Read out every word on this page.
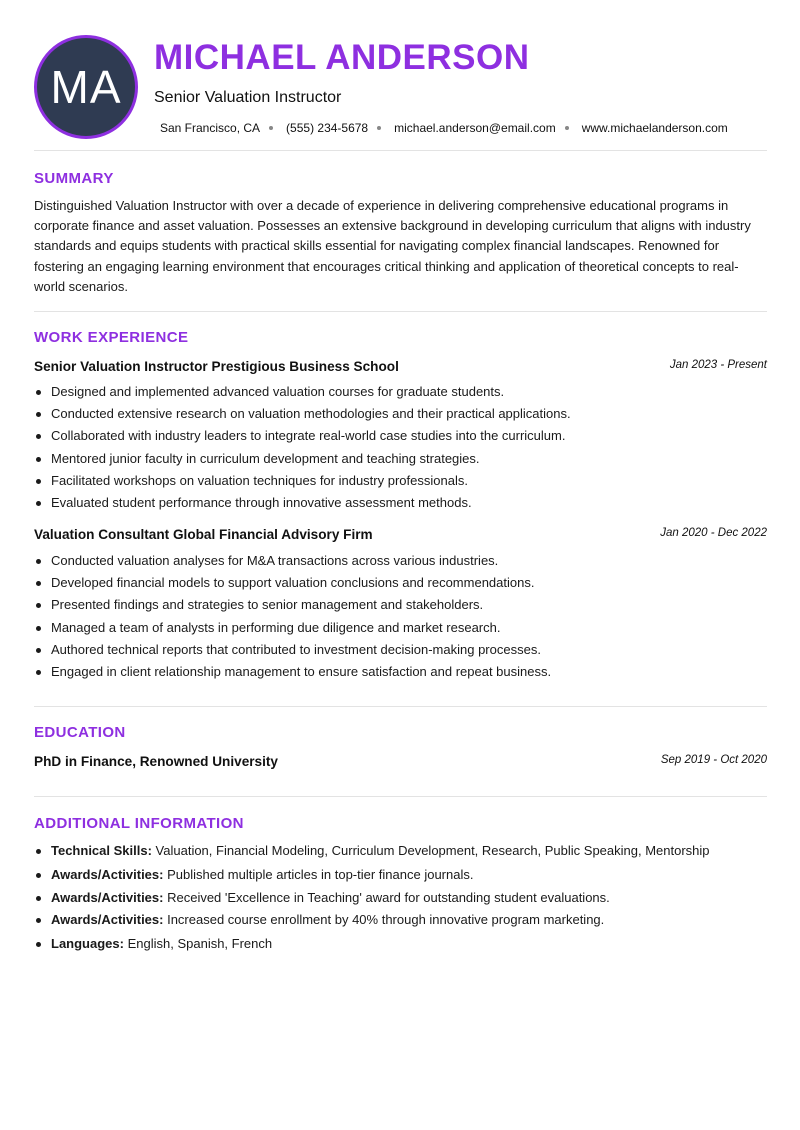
MA
MICHAEL ANDERSON

Senior Valuation Instructor

San Francisco, CA (555) 234-5678 michael.anderson@email.com www.michaelanderson.com
SUMMARY

Distinguished Valuation Instructor with over a decade of experience in delivering comprehensive educational programs in corporate finance and asset valuation. Possesses an extensive background in developing curriculum that aligns with industry standards and equips students with practical skills essential for navigating complex financial landscapes. Renowned for fostering an engaging learning environment that encourages critical thinking and application of theoretical concepts to real-world scenarios.

WORK EXPERIENCE
Senior Valuation Instructor Prestigious Business School	Jan 2023 - Present
Designed and implemented advanced valuation courses for graduate students.
Conducted extensive research on valuation methodologies and their practical applications.
Collaborated with industry leaders to integrate real-world case studies into the curriculum.
Mentored junior faculty in curriculum development and teaching strategies.
Facilitated workshops on valuation techniques for industry professionals.
Evaluated student performance through innovative assessment methods.
Valuation Consultant Global Financial Advisory Firm	Jan 2020 - Dec 2022
Conducted valuation analyses for M&A transactions across various industries.
Developed financial models to support valuation conclusions and recommendations.
Presented findings and strategies to senior management and stakeholders.
Managed a team of analysts in performing due diligence and market research.
Authored technical reports that contributed to investment decision-making processes.
Engaged in client relationship management to ensure satisfaction and repeat business.
EDUCATION
PhD in Finance, Renowned University	Sep 2019 - Oct 2020
ADDITIONAL INFORMATION
Technical Skills: Valuation, Financial Modeling, Curriculum Development, Research, Public Speaking, Mentorship
Awards/Activities: Published multiple articles in top-tier finance journals.
Awards/Activities: Received 'Excellence in Teaching' award for outstanding student evaluations.
Awards/Activities: Increased course enrollment by 40% through innovative program marketing.
Languages: English, Spanish, French
